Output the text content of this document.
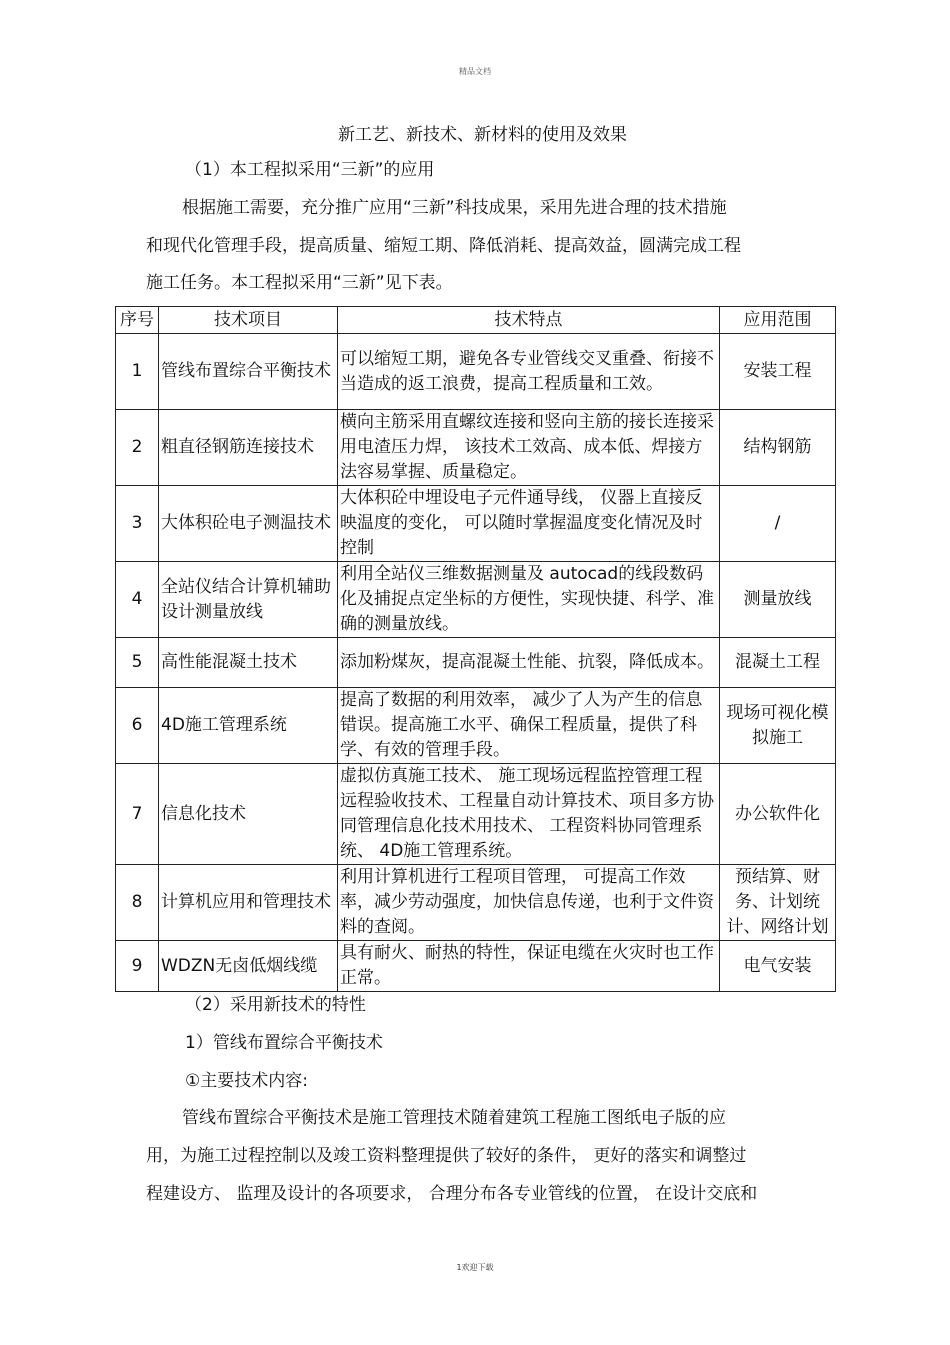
精品文档
新工艺、新技术、新材料的使用及效果
（1）本工程拟采用“三新”的应用
根据施工需要，充分推广应用“三新”科技成果，采用先进合理的技术措施
和现代化管理手段，提高质量、缩短工期、降低消耗、提高效益，圆满完成工程
施工任务。本工程拟采用“三新”见下表。
序号	技术项目	技术特点	应用范围
1	管线布置综合平衡技术	可以缩短工期，避免各专业管线交叉重叠、衔接不当造成的返工浪费，提高工程质量和工效。	安装工程
2	粗直径钢筋连接技术	横向主筋采用直螺纹连接和竖向主筋的接长连接采用电渣压力焊， 该技术工效高、成本低、焊接方法容易掌握、质量稳定。	结构钢筋
3	大体积砼电子测温技术	大体积砼中埋设电子元件通导线， 仪器上直接反映温度的变化， 可以随时掌握温度变化情况及时控制	/
4	全站仪结合计算机辅助设计测量放线	利用全站仪三维数据测量及 autocad的线段数码化及捕捉点定坐标的方便性，实现快捷、科学、准确的测量放线。	测量放线
5	高性能混凝土技术	添加粉煤灰，提高混凝土性能、抗裂，降低成本。	混凝土工程
6	4D施工管理系统	提高了数据的利用效率， 减少了人为产生的信息错误。提高施工水平、确保工程质量，提供了科学、有效的管理手段。	现场可视化模拟施工
7	信息化技术	虚拟仿真施工技术、 施工现场远程监控管理工程远程验收技术、工程量自动计算技术、项目多方协同管理信息化技术用技术、 工程资料协同管理系统、 4D施工管理系统。	办公软件化
8	计算机应用和管理技术	利用计算机进行工程项目管理， 可提高工作效率，减少劳动强度，加快信息传递，也利于文件资料的查阅。	预结算、财务、计划统计、网络计划
9	WDZN无卤低烟线缆	具有耐火、耐热的特性，保证电缆在火灾时也工作正常。	电气安装
（2）采用新技术的特性
1）管线布置综合平衡技术
①主要技术内容:
管线布置综合平衡技术是施工管理技术随着建筑工程施工图纸电子版的应
用，为施工过程控制以及竣工资料整理提供了较好的条件， 更好的落实和调整过
程建设方、 监理及设计的各项要求， 合理分布各专业管线的位置， 在设计交底和
1欢迎下载
